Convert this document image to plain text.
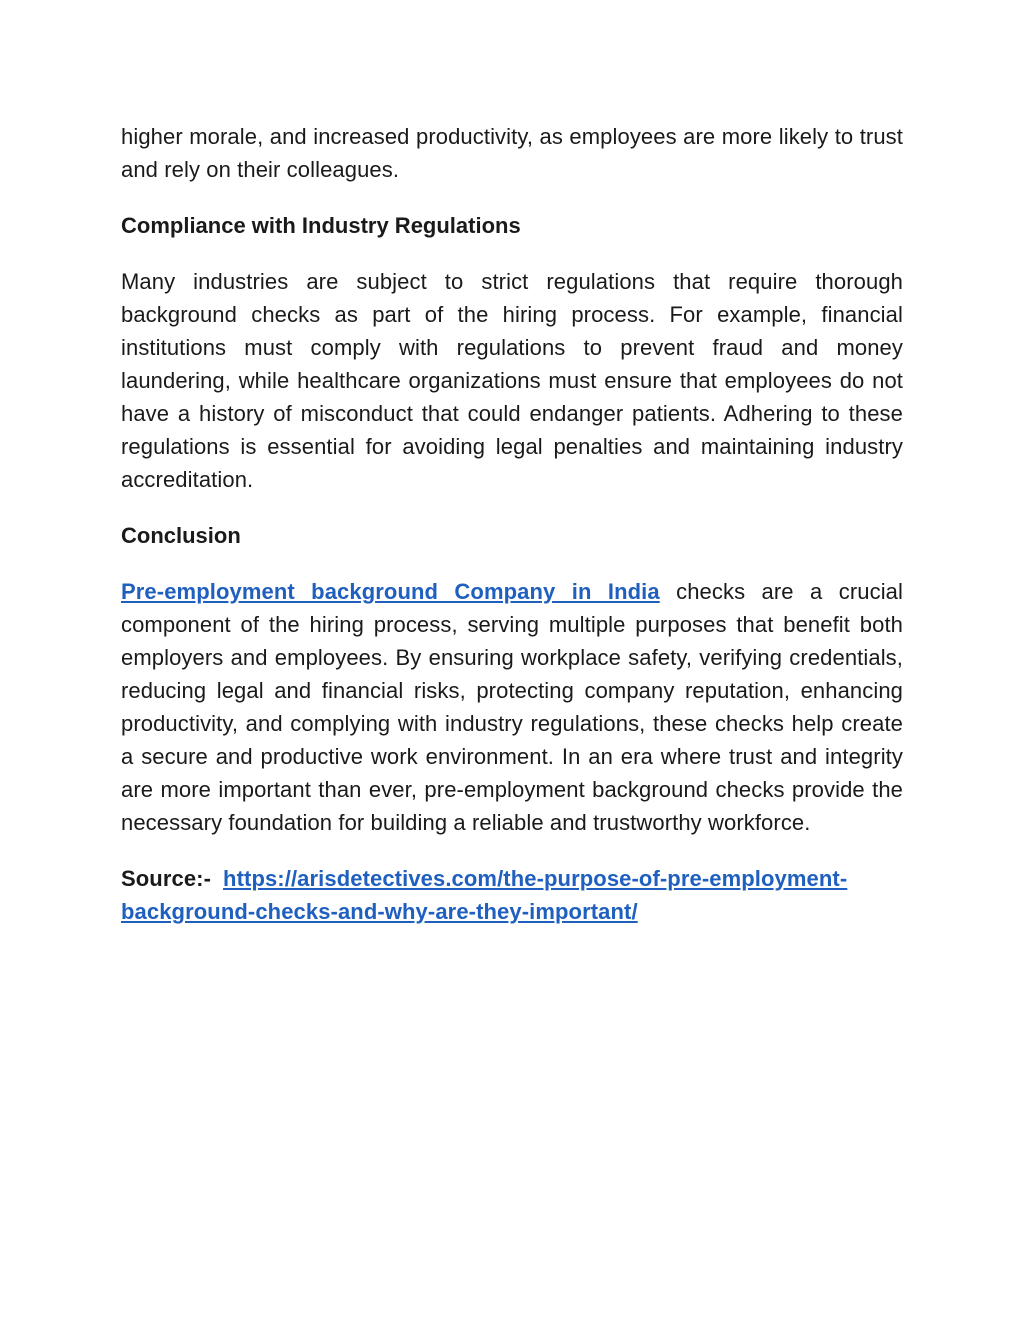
higher morale, and increased productivity, as employees are more likely to trust and rely on their colleagues.

Compliance with Industry Regulations

Many industries are subject to strict regulations that require thorough background checks as part of the hiring process. For example, financial institutions must comply with regulations to prevent fraud and money laundering, while healthcare organizations must ensure that employees do not have a history of misconduct that could endanger patients. Adhering to these regulations is essential for avoiding legal penalties and maintaining industry accreditation.

Conclusion

Pre-employment background Company in India checks are a crucial component of the hiring process, serving multiple purposes that benefit both employers and employees. By ensuring workplace safety, verifying credentials, reducing legal and financial risks, protecting company reputation, enhancing productivity, and complying with industry regulations, these checks help create a secure and productive work environment. In an era where trust and integrity are more important than ever, pre-employment background checks provide the necessary foundation for building a reliable and trustworthy workforce.

Source:- https://arisdetectives.com/the-purpose-of-pre-employment-background-checks-and-why-are-they-important/
